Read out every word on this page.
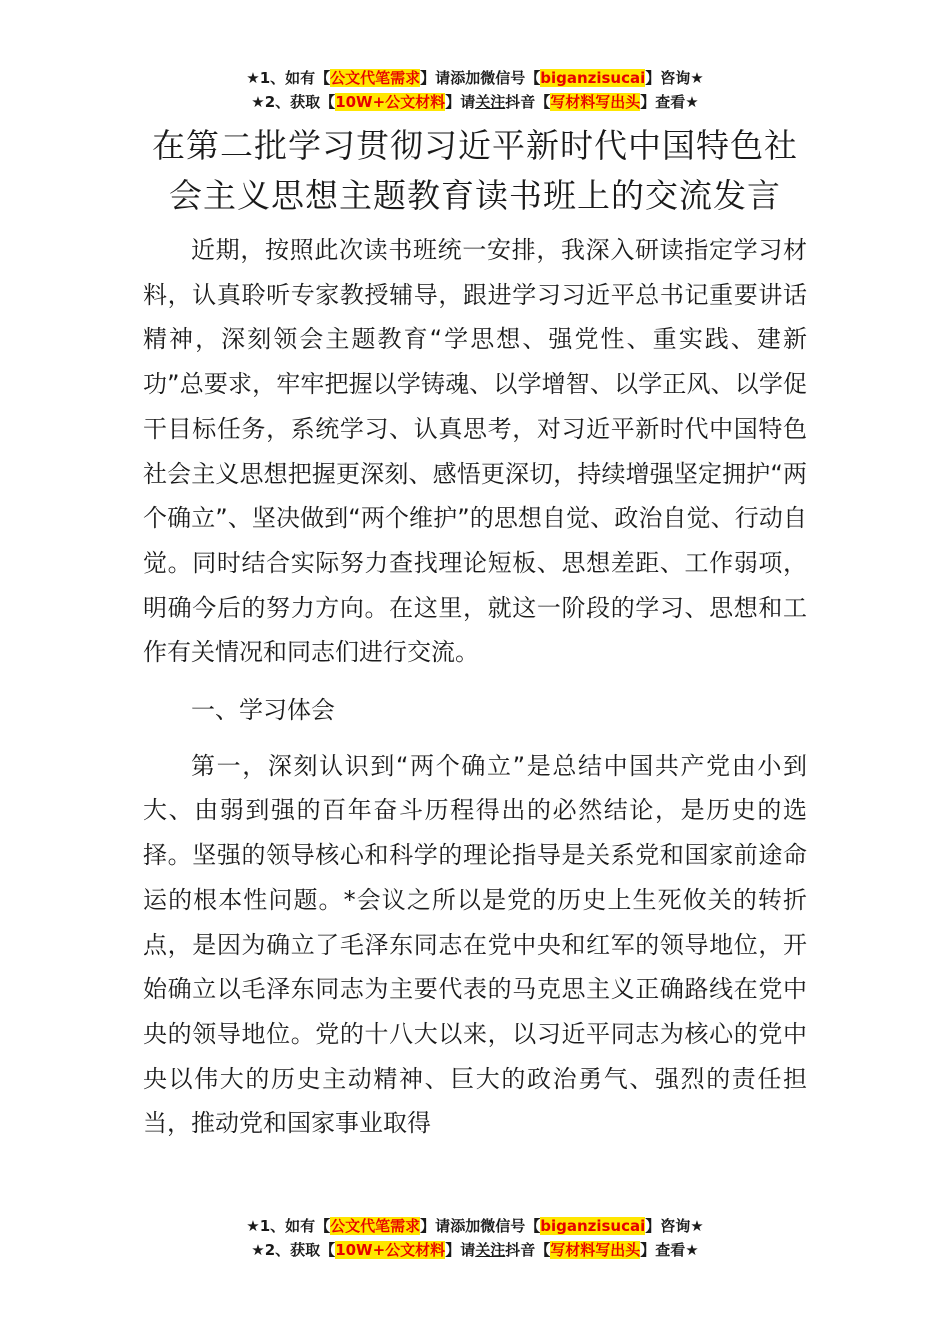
★1、如有【公文代笔需求】请添加微信号【biganzisucai】咨询★
★2、获取【10W+公文材料】请关注抖音【写材料写出头】查看★
在第二批学习贯彻习近平新时代中国特色社
会主义思想主题教育读书班上的交流发言

近期，按照此次读书班统一安排，我深入研读指定学习材料，认真聆听专家教授辅导，跟进学习习近平总书记重要讲话精神，深刻领会主题教育“学思想、强党性、重实践、建新功”总要求，牢牢把握以学铸魂、以学增智、以学正风、以学促干目标任务，系统学习、认真思考，对习近平新时代中国特色社会主义思想把握更深刻、感悟更深切，持续增强坚定拥护“两个确立”、坚决做到“两个维护”的思想自觉、政治自觉、行动自觉。同时结合实际努力查找理论短板、思想差距、工作弱项，明确今后的努力方向。在这里，就这一阶段的学习、思想和工作有关情况和同志们进行交流。

一、学习体会

第一，深刻认识到“两个确立”是总结中国共产党由小到大、由弱到强的百年奋斗历程得出的必然结论，是历史的选择。坚强的领导核心和科学的理论指导是关系党和国家前途命运的根本性问题。*会议之所以是党的历史上生死攸关的转折点，是因为确立了毛泽东同志在党中央和红军的领导地位，开始确立以毛泽东同志为主要代表的马克思主义正确路线在党中央的领导地位。党的十八大以来，以习近平同志为核心的党中央以伟大的历史主动精神、巨大的政治勇气、强烈的责任担当，推动党和国家事业取得

★1、如有【公文代笔需求】请添加微信号【biganzisucai】咨询★
★2、获取【10W+公文材料】请关注抖音【写材料写出头】查看★
